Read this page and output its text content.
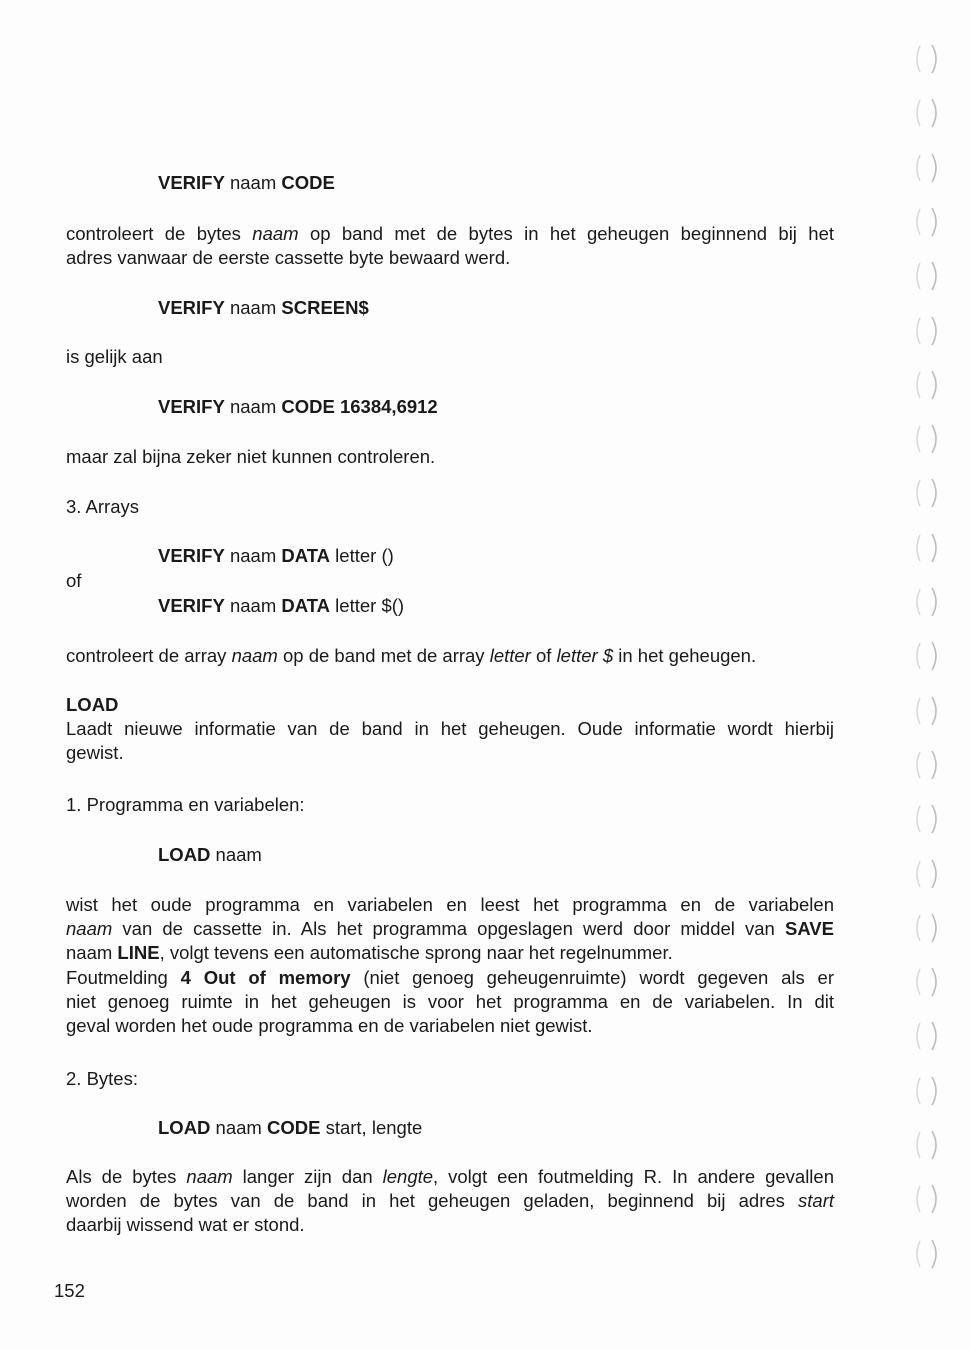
VERIFY naam CODE
controleert de bytes naam op band met de bytes in het geheugen beginnend bij het
adres vanwaar de eerste cassette byte bewaard werd.
VERIFY naam SCREEN$
is gelijk aan
VERIFY naam CODE 16384,6912
maar zal bijna zeker niet kunnen controleren.
3. Arrays
VERIFY naam DATA letter ()
of
VERIFY naam DATA letter $()
controleert de array naam op de band met de array letter of letter $ in het geheugen.
LOAD
Laadt nieuwe informatie van de band in het geheugen. Oude informatie wordt hierbij
gewist.
1. Programma en variabelen:
LOAD naam
wist het oude programma en variabelen en leest het programma en de variabelen
naam van de cassette in. Als het programma opgeslagen werd door middel van SAVE
naam LINE, volgt tevens een automatische sprong naar het regelnummer.
Foutmelding 4 Out of memory (niet genoeg geheugenruimte) wordt gegeven als er
niet genoeg ruimte in het geheugen is voor het programma en de variabelen. In dit
geval worden het oude programma en de variabelen niet gewist.
2. Bytes:
LOAD naam CODE start, lengte
Als de bytes naam langer zijn dan lengte, volgt een foutmelding R. In andere gevallen
worden de bytes van de band in het geheugen geladen, beginnend bij adres start
daarbij wissend wat er stond.
152
